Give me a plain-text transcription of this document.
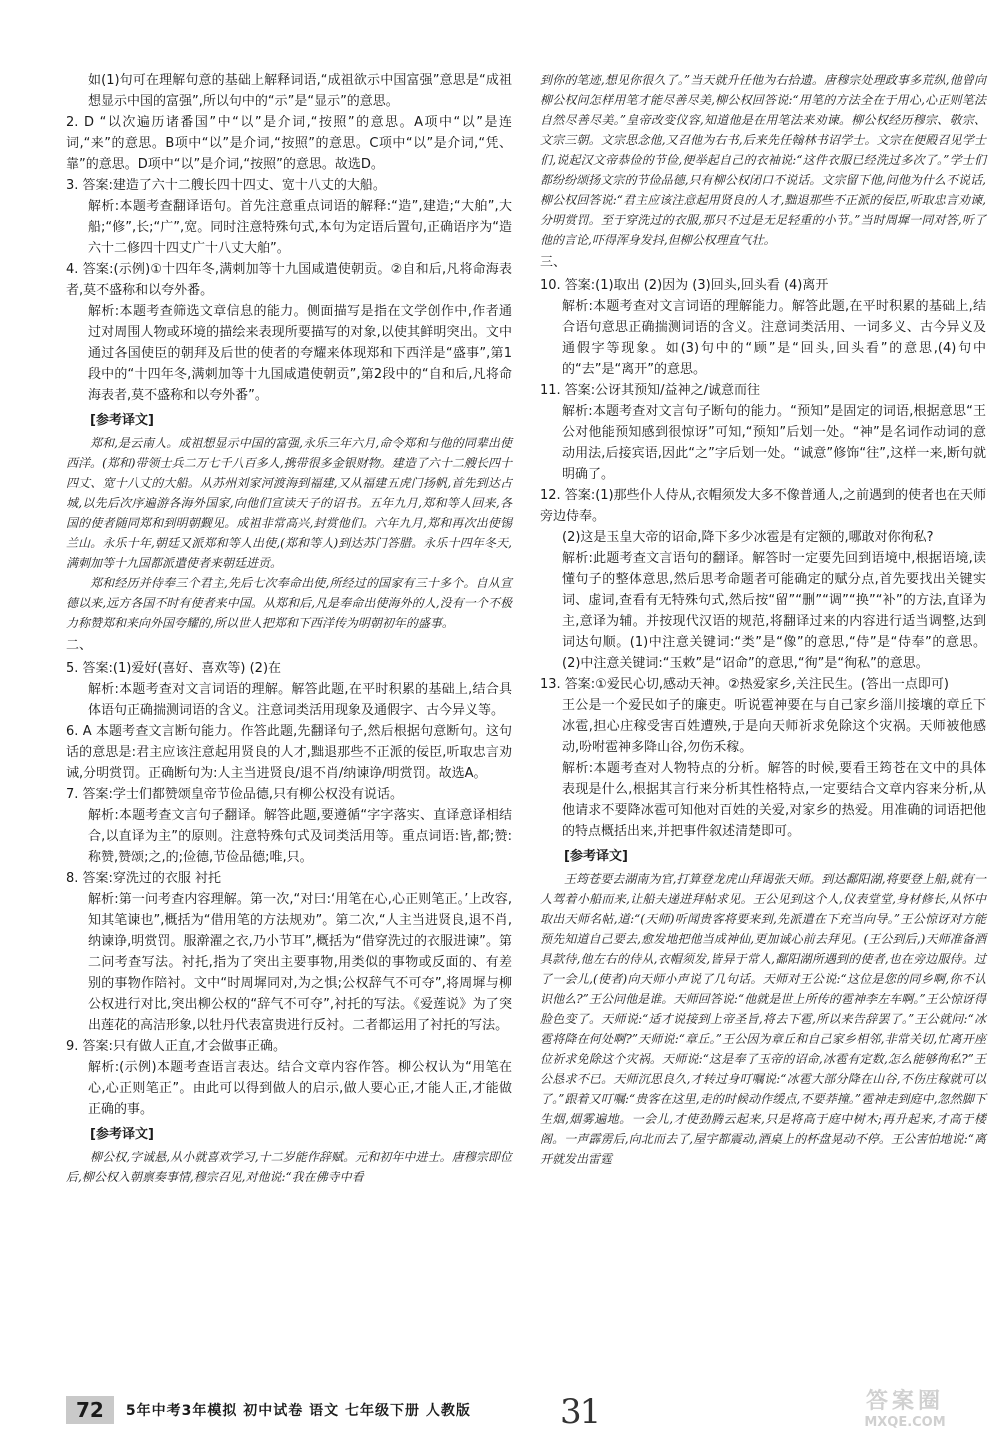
如(1)句可在理解句意的基础上解释词语,“成祖欲示中国富强”意思是“成祖想显示中国的富强”,所以句中的“示”是“显示”的意思。

2. D “以次遍历诸番国”中“以”是介词,“按照”的意思。A项中“以”是连词,“来”的意思。B项中“以”是介词,“按照”的意思。C项中“以”是介词,“凭、靠”的意思。D项中“以”是介词,“按照”的意思。故选D。

3. 答案:建造了六十二艘长四十四丈、宽十八丈的大船。

解析:本题考查翻译语句。首先注意重点词语的解释:“造”,建造;“大舶”,大船;“修”,长;“广”,宽。同时注意特殊句式,本句为定语后置句,正确语序为“造六十二修四十四丈广十八丈大舶”。

4. 答案:(示例)①十四年冬,满刺加等十九国咸遣使朝贡。②自和后,凡将命海表者,莫不盛称和以夸外番。

解析:本题考查筛选文章信息的能力。侧面描写是指在文学创作中,作者通过对周围人物或环境的描绘来表现所要描写的对象,以使其鲜明突出。文中通过各国使臣的朝拜及后世的使者的夸耀来体现郑和下西洋是“盛事”,第1段中的“十四年冬,满刺加等十九国咸遣使朝贡”,第2段中的“自和后,凡将命海表者,莫不盛称和以夸外番”。

[参考译文]

郑和,是云南人。成祖想显示中国的富强,永乐三年六月,命令郑和与他的同辈出使西洋。(郑和)带领士兵二万七千八百多人,携带很多金银财物。建造了六十二艘长四十四丈、宽十八丈的大船。从苏州刘家河渡海到福建,又从福建五虎门扬帆,首先到达占城,以先后次序遍游各海外国家,向他们宣读天子的诏书。五年九月,郑和等人回来,各国的使者随同郑和到明朝觐见。成祖非常高兴,封赏他们。六年九月,郑和再次出使锡兰山。永乐十年,朝廷又派郑和等人出使,(郑和等人)到达苏门答腊。永乐十四年冬天,满刺加等十九国都派遣使者来朝廷进贡。

郑和经历并侍奉三个君主,先后七次奉命出使,所经过的国家有三十多个。自从宣德以来,远方各国不时有使者来中国。从郑和后,凡是奉命出使海外的人,没有一个不极力称赞郑和来向外国夸耀的,所以世人把郑和下西洋传为明朝初年的盛事。

二、

5. 答案:(1)爱好(喜好、喜欢等) (2)在

解析:本题考查对文言词语的理解。解答此题,在平时积累的基础上,结合具体语句正确揣测词语的含义。注意词类活用现象及通假字、古今异义等。

6. A 本题考查文言断句能力。作答此题,先翻译句子,然后根据句意断句。这句话的意思是:君主应该注意起用贤良的人才,黜退那些不正派的佞臣,听取忠言劝诫,分明赏罚。正确断句为:人主当进贤良/退不肖/纳谏诤/明赏罚。故选A。

7. 答案:学士们都赞颂皇帝节俭品德,只有柳公权没有说话。

解析:本题考查文言句子翻译。解答此题,要遵循“字字落实、直译意译相结合,以直译为主”的原则。注意特殊句式及词类活用等。重点词语:皆,都;赞:称赞,赞颂;之,的;俭德,节俭品德;唯,只。

8. 答案:穿洗过的衣服 衬托

解析:第一问考查内容理解。第一次,“对曰:‘用笔在心,心正则笔正。’上改容,知其笔谏也”,概括为“借用笔的方法规劝”。第二次,“人主当进贤良,退不肖,纳谏诤,明赏罚。服澣濯之衣,乃小节耳”,概括为“借穿洗过的衣服进谏”。第二问考查写法。衬托,指为了突出主要事物,用类似的事物或反面的、有差别的事物作陪衬。文中“时周墀同对,为之惧;公权辞气不可夺”,将周墀与柳公权进行对比,突出柳公权的“辞气不可夺”,衬托的写法。《爱莲说》为了突出莲花的高洁形象,以牡丹代表富贵进行反衬。二者都运用了衬托的写法。

9. 答案:只有做人正直,才会做事正确。

解析:(示例)本题考查语言表达。结合文章内容作答。柳公权认为“用笔在心,心正则笔正”。由此可以得到做人的启示,做人要心正,才能人正,才能做正确的事。

[参考译文]

柳公权,字诚悬,从小就喜欢学习,十二岁能作辞赋。元和初年中进士。唐穆宗即位后,柳公权入朝禀奏事情,穆宗召见,对他说:“我在佛寺中看

到你的笔迹,想见你很久了。”当天就升任他为右拾遗。唐穆宗处理政事多荒纵,他曾向柳公权问怎样用笔才能尽善尽美,柳公权回答说:“用笔的方法全在于用心,心正则笔法自然尽善尽美。”皇帝改变仪容,知道他是在用笔法来劝谏。柳公权经历穆宗、敬宗、文宗三朝。文宗思念他,又召他为右书,后来先任翰林书诏学士。文宗在便殿召见学士们,说起汉文帝恭俭的节俭,便举起自己的衣袖说:“这件衣服已经洗过多次了。”学士们都纷纷颂扬文宗的节俭品德,只有柳公权闭口不说话。文宗留下他,问他为什么不说话,柳公权回答说:“君主应该注意起用贤良的人才,黜退那些不正派的佞臣,听取忠言劝谏,分明赏罚。至于穿洗过的衣服,那只不过是无足轻重的小节。”当时周墀一同对答,听了他的言论,吓得浑身发抖,但柳公权理直气壮。

三、

10. 答案:(1)取出 (2)因为 (3)回头,回头看 (4)离开

解析:本题考查对文言词语的理解能力。解答此题,在平时积累的基础上,结合语句意思正确揣测词语的含义。注意词类活用、一词多义、古今异义及通假字等现象。如(3)句中的“顾”是“回头,回头看”的意思,(4)句中的“去”是“离开”的意思。

11. 答案:公讶其预知/益神之/诚意而往

解析:本题考查对文言句子断句的能力。“预知”是固定的词语,根据意思“王公对他能预知感到很惊讶”可知,“预知”后划一处。“神”是名词作动词的意动用法,后接宾语,因此“之”字后划一处。“诚意”修饰“往”,这样一来,断句就明确了。

12. 答案:(1)那些仆人侍从,衣帽须发大多不像普通人,之前遇到的使者也在天师旁边侍奉。

(2)这是玉皇大帝的诏命,降下多少冰雹是有定额的,哪敢对你徇私?

解析:此题考查文言语句的翻译。解答时一定要先回到语境中,根据语境,读懂句子的整体意思,然后思考命题者可能确定的赋分点,首先要找出关键实词、虚词,查看有无特殊句式,然后按“留”“删”“调”“换”“补”的方法,直译为主,意译为辅。并按现代汉语的规范,将翻译过来的内容进行适当调整,达到词达句顺。(1)中注意关键词:“类”是“像”的意思,“侍”是“侍奉”的意思。(2)中注意关键词:“玉敕”是“诏命”的意思,“徇”是“徇私”的意思。

13. 答案:①爱民心切,感动天神。②热爱家乡,关注民生。(答出一点即可)

王公是一个爱民如子的廉吏。听说雹神要在与自己家乡淄川接壤的章丘下冰雹,担心庄稼受害百姓遭殃,于是向天师祈求免除这个灾祸。天师被他感动,吩咐雹神多降山谷,勿伤禾稼。

解析:本题考查对人物特点的分析。解答的时候,要看王筠苍在文中的具体表现是什么,根据其言行来分析其性格特点,一定要结合文章内容来分析,从他请求不要降冰雹可知他对百姓的关爱,对家乡的热爱。用准确的词语把他的特点概括出来,并把事件叙述清楚即可。

[参考译文]

王筠苍要去湖南为官,打算登龙虎山拜谒张天师。到达鄱阳湖,将要登上船,就有一人驾着小船而来,让船夫递进拜帖求见。王公见到这个人,仪表堂堂,身材修长,从怀中取出天师名帖,道:“(天师)听闻贵客将要来到,先派遣在下充当向导。”王公惊讶对方能预先知道自己要去,愈发地把他当成神仙,更加诚心前去拜见。(王公到后,)天师准备酒具款待,他左右的侍从,衣帽须发,皆异于常人,鄱阳湖所遇到的使者,也在旁边服侍。过了一会儿,(使者)向天师小声说了几句话。天师对王公说:“这位是您的同乡啊,你不认识他么?”王公问他是谁。天师回答说:“他就是世上所传的雹神李左车啊。”王公惊讶得脸色变了。天师说:“适才说接到上帝圣旨,将去下雹,所以来告辞罢了。”王公就问:“冰雹将降在何处啊?”天师说:“章丘。”王公因为章丘和自己家乡相邻,非常关切,忙离开座位祈求免除这个灾祸。天师说:“这是奉了玉帝的诏命,冰雹有定数,怎么能够徇私?”王公恳求不已。天师沉思良久,才转过身叮嘱说:“冰雹大部分降在山谷,不伤庄稼就可以了。”跟着又叮嘱:“贵客在这里,走的时候动作缓点,不要莽撞。”雹神走到庭中,忽然脚下生烟,烟雾遍地。一会儿,才使劲腾云起来,只是将高于庭中树木;再升起来,才高于楼阁。一声霹雳后,向北而去了,屋宇都震动,酒桌上的杯盘晃动不停。王公害怕地说:“离开就发出雷霆

72	5年中考3年模拟 初中试卷 语文 七年级下册 人教版	31	答案圈
MXQE.COM
